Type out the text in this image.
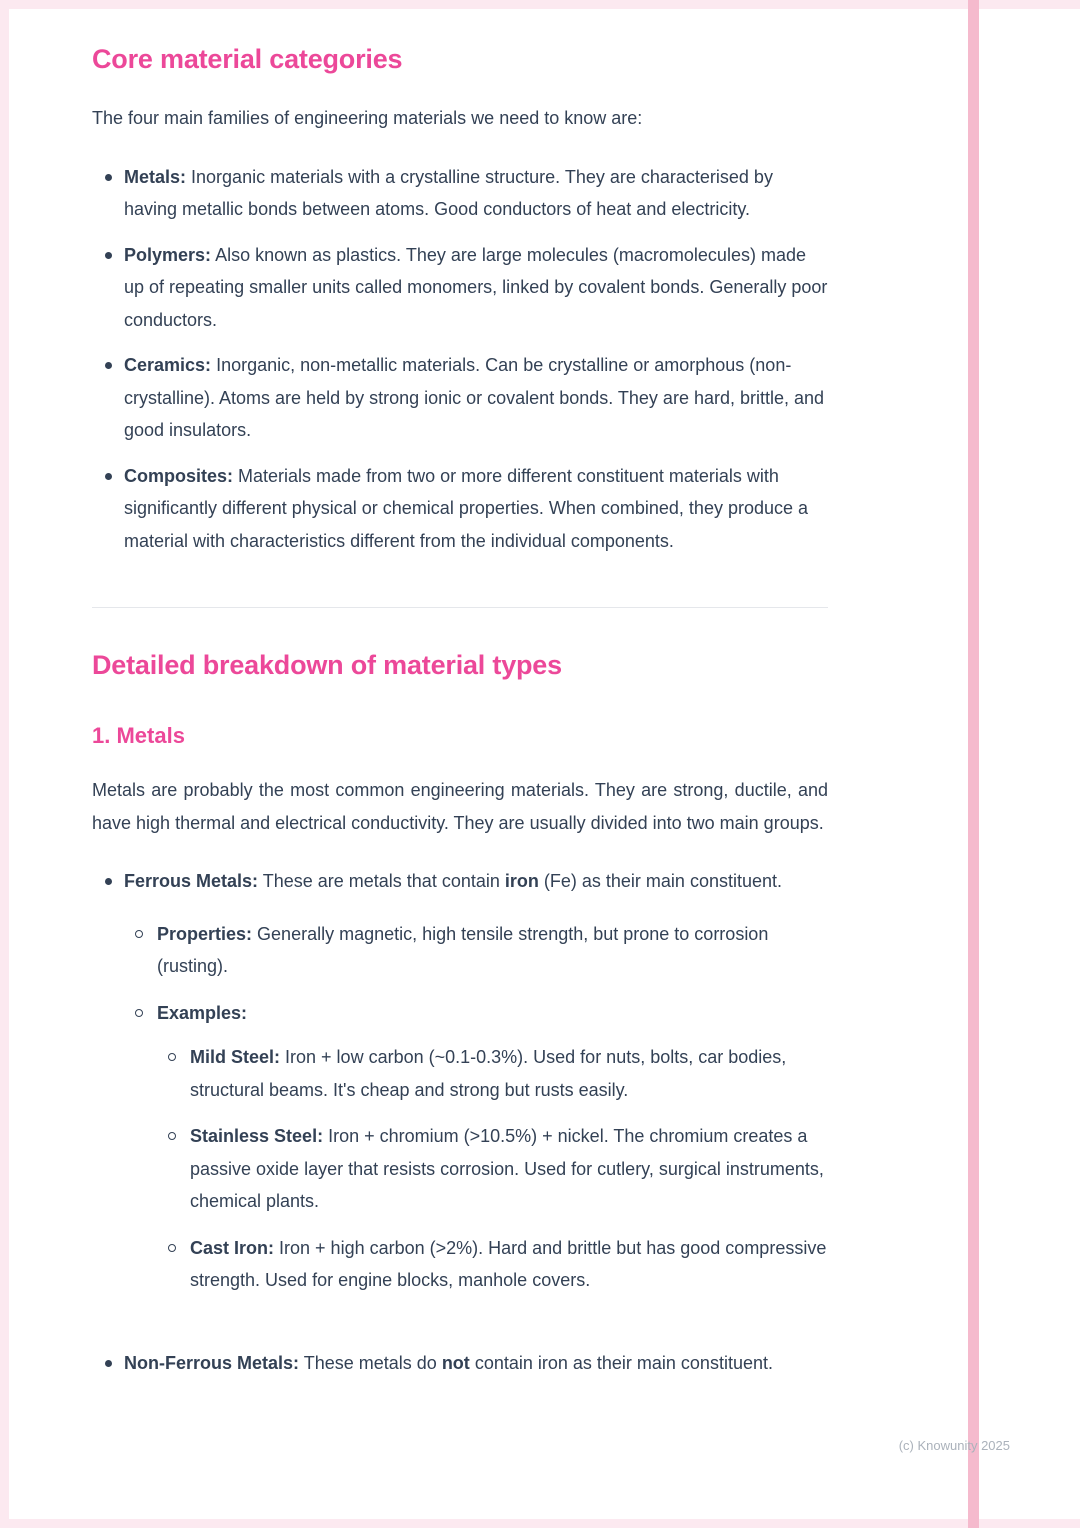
Core material categories

The four main families of engineering materials we need to know are:

Metals: Inorganic materials with a crystalline structure. They are characterised by having metallic bonds between atoms. Good conductors of heat and electricity.

Polymers: Also known as plastics. They are large molecules (macromolecules) made up of repeating smaller units called monomers, linked by covalent bonds. Generally poor conductors.

Ceramics: Inorganic, non-metallic materials. Can be crystalline or amorphous (non-crystalline). Atoms are held by strong ionic or covalent bonds. They are hard, brittle, and good insulators.

Composites: Materials made from two or more different constituent materials with significantly different physical or chemical properties. When combined, they produce a material with characteristics different from the individual components.

Detailed breakdown of material types
1. Metals

Metals are probably the most common engineering materials. They are strong, ductile, and have high thermal and electrical conductivity. They are usually divided into two main groups.

Ferrous Metals: These are metals that contain iron (Fe) as their main constituent.

Properties: Generally magnetic, high tensile strength, but prone to corrosion (rusting).

Examples:

Mild Steel: Iron + low carbon (~0.1-0.3%). Used for nuts, bolts, car bodies, structural beams. It's cheap and strong but rusts easily.

Stainless Steel: Iron + chromium (>10.5%) + nickel. The chromium creates a passive oxide layer that resists corrosion. Used for cutlery, surgical instruments, chemical plants.

Cast Iron: Iron + high carbon (>2%). Hard and brittle but has good compressive strength. Used for engine blocks, manhole covers.

Non-Ferrous Metals: These metals do not contain iron as their main constituent.

(c) Knowunity 2025
